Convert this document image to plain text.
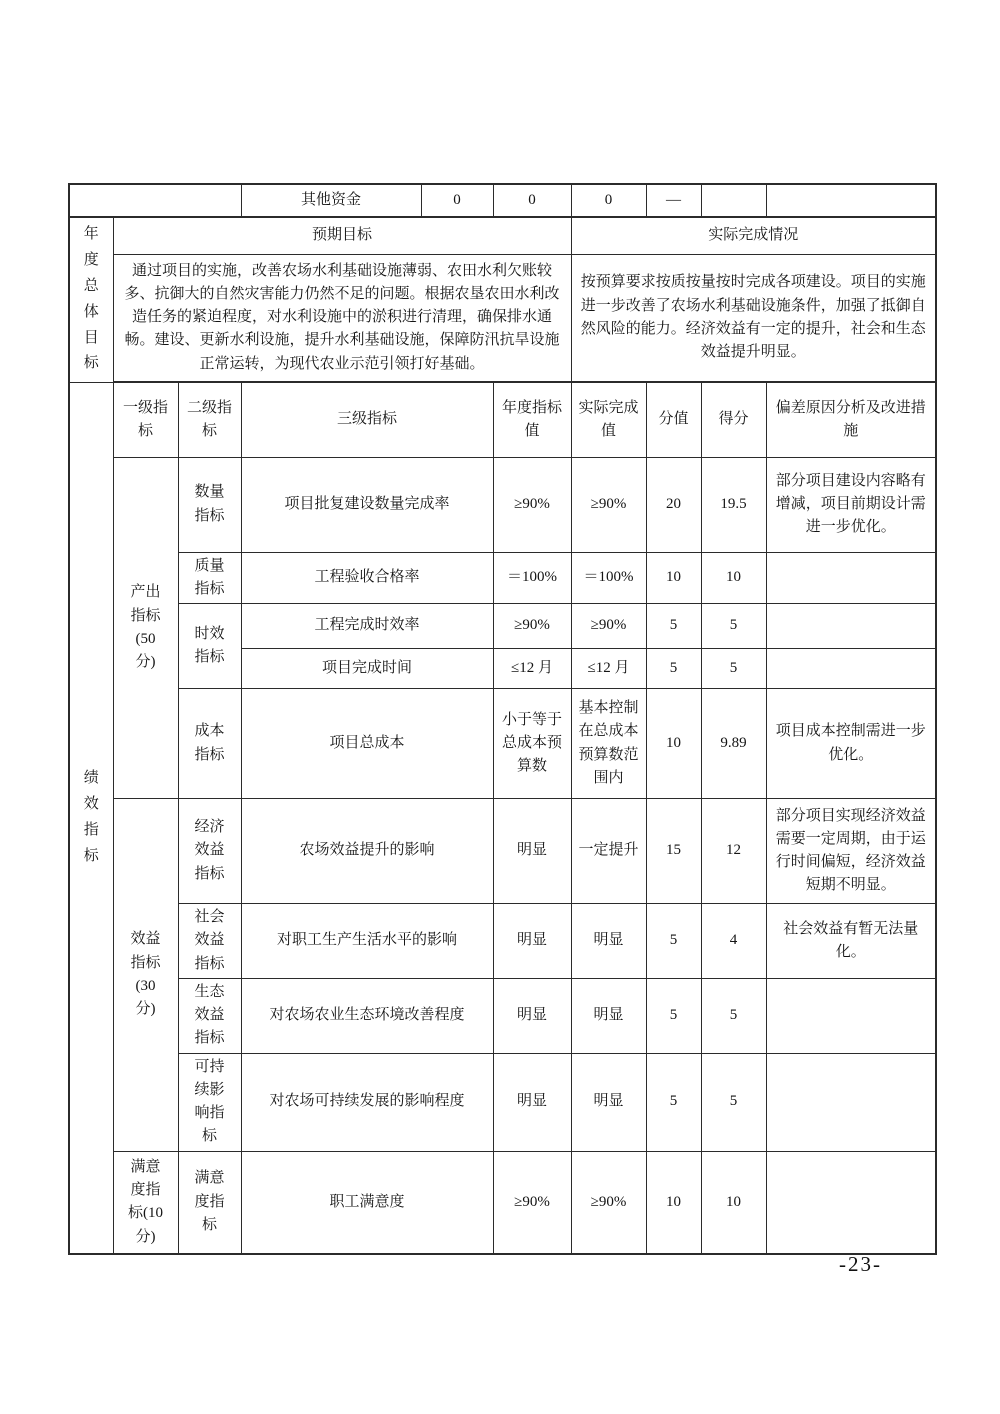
			其他资金	0	0	0	—		

年度总体目标	预期目标					实际完成情况			
	通过项目的实施，改善农场水利基础设施薄弱、农田水利欠账较多、抗御大的自然灾害能力仍然不足的问题。根据农垦农田水利改造任务的紧迫程度，对水利设施中的淤积进行清理，确保排水通畅。建设、更新水利设施，提升水利基础设施，保障防汛抗旱设施正常运转，为现代农业示范引领打好基础。					按预算要求按质按量按时完成各项建设。项目的实施进一步改善了农场水利基础设施条件，加强了抵御自然风险的能力。经济效益有一定的提升，社会和生态效益提升明显。			

绩效指标	一级指标	二级指标	三级指标		年度指标值	实际完成值	分值	得分	偏差原因分析及改进措施

	产出指标(50分)	数量指标	项目批复建设数量完成率		≥90%	≥90%	20	19.5	部分项目建设内容略有增减，项目前期设计需进一步优化。

		质量指标	工程验收合格率		＝100%	＝100%	10	10	

		时效指标	工程完成时效率		≥90%	≥90%	5	5	
			项目完成时间		≤12 月	≤12 月	5	5	

		成本指标	项目总成本		小于等于总成本预算数	基本控制在总成本预算数范围内	10	9.89	项目成本控制需进一步优化。

	效益指标(30分)	经济效益指标	农场效益提升的影响		明显	一定提升	15	12	部分项目实现经济效益需要一定周期，由于运行时间偏短，经济效益短期不明显。

		社会效益指标	对职工生产生活水平的影响		明显	明显	5	4	社会效益有暂无法量化。

		生态效益指标	对农场农业生态环境改善程度		明显	明显	5	5	

		可持续影响指标	对农场可持续发展的影响程度		明显	明显	5	5	

	满意度指标(10分)	满意度指标	职工满意度		≥90%	≥90%	10	10	
-23-
